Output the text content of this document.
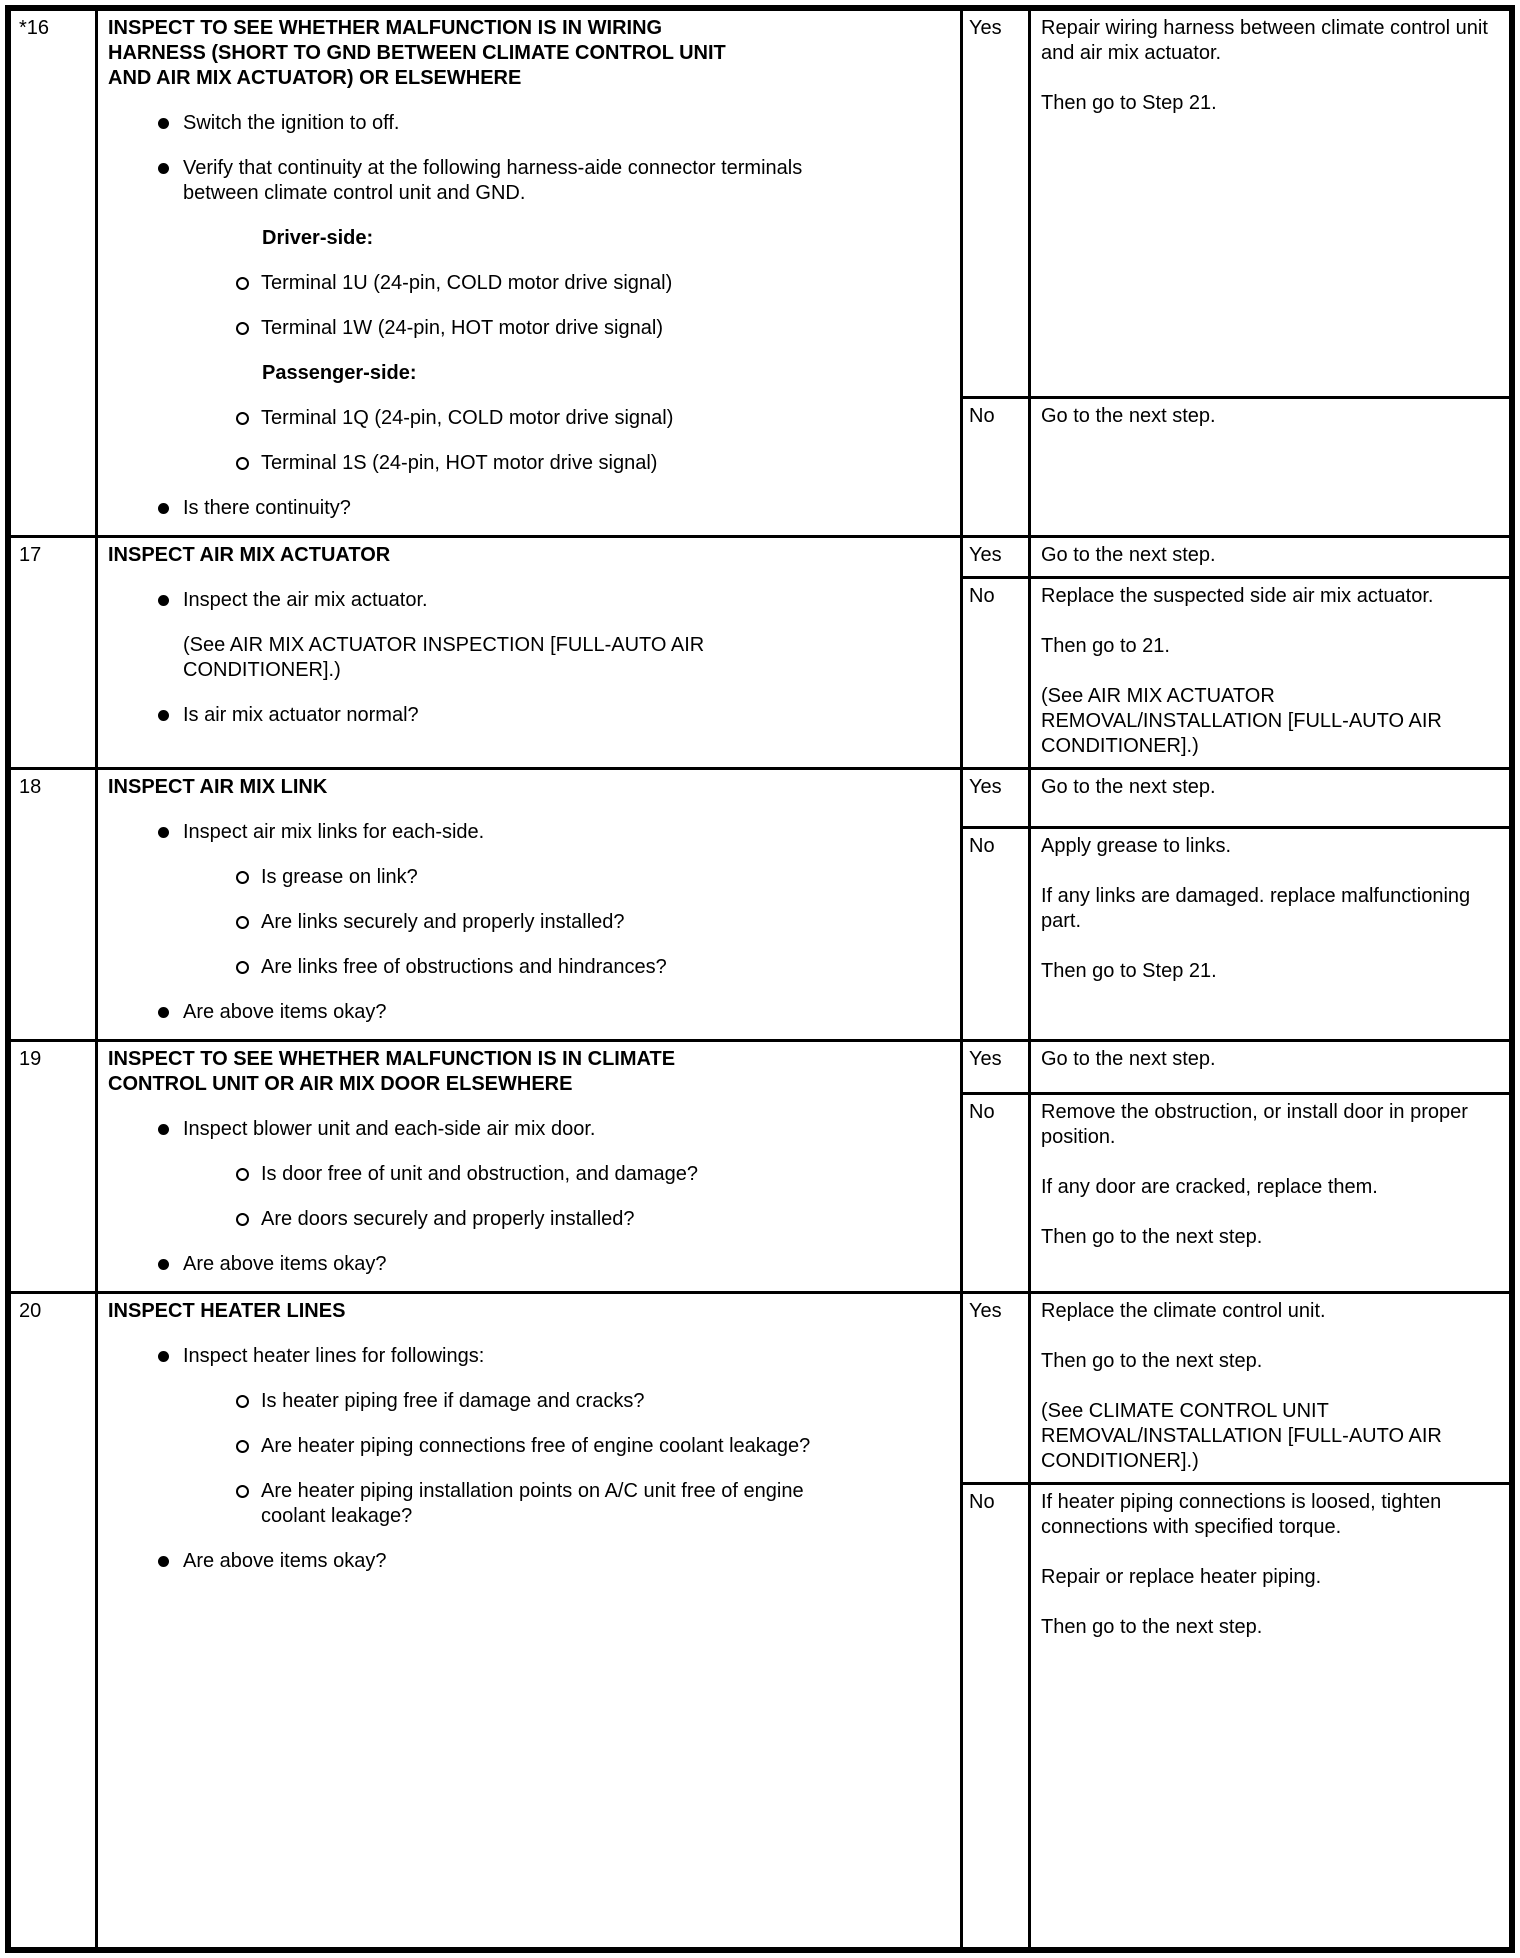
*16	INSPECT TO SEE WHETHER MALFUNCTION IS IN WIRING HARNESS (SHORT TO GND BETWEEN CLIMATE CONTROL UNIT AND AIR MIX ACTUATOR) OR ELSEWHERE
Switch the ignition to off.
Verify that continuity at the following harness-aide connector terminals between climate control unit and GND.
Driver-side:
Terminal 1U (24-pin, COLD motor drive signal)
Terminal 1W (24-pin, HOT motor drive signal)
Passenger-side:
Terminal 1Q (24-pin, COLD motor drive signal)
Terminal 1S (24-pin, HOT motor drive signal)
Is there continuity?
Yes	Repair wiring harness between climate control unit and air mix actuator.

Then go to Step 21.

No	Go to the next step.

17	INSPECT AIR MIX ACTUATOR
Inspect the air mix actuator.
(See AIR MIX ACTUATOR INSPECTION [FULL-AUTO AIR CONDITIONER].)
Is air mix actuator normal?
Yes	Go to the next step.

No	Replace the suspected side air mix actuator.

Then go to 21.

(See AIR MIX ACTUATOR REMOVAL/INSTALLATION [FULL-AUTO AIR CONDITIONER].)

18	INSPECT AIR MIX LINK
Inspect air mix links for each-side.
Is grease on link?
Are links securely and properly installed?
Are links free of obstructions and hindrances?
Are above items okay?
Yes	Go to the next step.

No	Apply grease to links.

If any links are damaged. replace malfunctioning part.

Then go to Step 21.

19	INSPECT TO SEE WHETHER MALFUNCTION IS IN CLIMATE CONTROL UNIT OR AIR MIX DOOR ELSEWHERE
Inspect blower unit and each-side air mix door.
Is door free of unit and obstruction, and damage?
Are doors securely and properly installed?
Are above items okay?
Yes	Go to the next step.

No	Remove the obstruction, or install door in proper position.

If any door are cracked, replace them.

Then go to the next step.

20	INSPECT HEATER LINES
Inspect heater lines for followings:
Is heater piping free if damage and cracks?
Are heater piping connections free of engine coolant leakage?
Are heater piping installation points on A/C unit free of engine coolant leakage?
Are above items okay?
Yes	Replace the climate control unit.

Then go to the next step.

(See CLIMATE CONTROL UNIT REMOVAL/INSTALLATION [FULL-AUTO AIR CONDITIONER].)

No	If heater piping connections is loosed, tighten connections with specified torque.

Repair or replace heater piping.

Then go to the next step.
